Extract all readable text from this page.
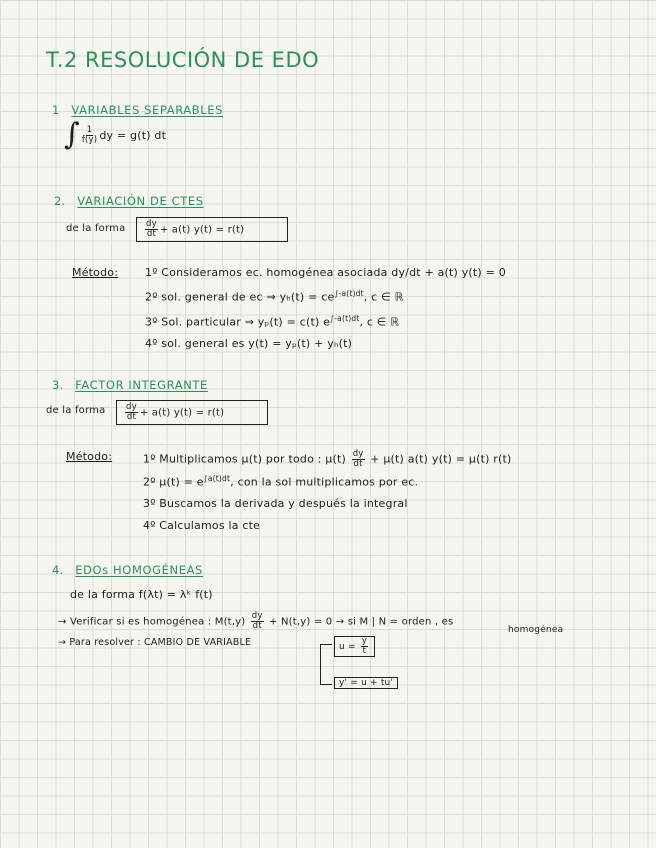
T.2 RESOLUCIÓN DE EDO
1 VARIABLES SEPARABLES
∫ $\frac{1}{f(y)}$ dy = g(t) dt
2. VARIACIÓN DE CTES
de la forma $\frac{dy}{dt} + a(t) y(t) = r(t)$
Método: 1º Consideramos ec. homogénea asociada dy/dt + a(t) y(t) = 0
2º sol. general de ec ⇒ $y_h(t) = ce^{\int-a(t)dt}$, c ∈ ℝ
3º Sol. particular ⇒ yₚ(t) = c(t) $e^{\int-a(t)dt}$, c ∈ ℝ
4º sol. general es y(t) = yₚ(t) + yₕ(t)
3. FACTOR INTEGRANTE
de la forma $\frac{dy}{dt} + a(t) y(t) = r(t)$
Método:	1º Multiplicamos μ(t) por todo : $\mu(t) \frac{dy}{dt} + \mu(t)$ a(t) y(t) = μ(t) r(t)
2º $\mu(t) = e^{\int a(t)dt}$, con la sol multiplicamos por ec.
3º Buscamos la derivada y después la integral
4º Calculamos la cte
4. EDOs HOMOGÉNEAS
de la forma f(λt) = λᵏ f(t)
→ Verificar si es homogénea : $M(t,y) \frac{dy}{dt} + N(t,y) = 0$ → si M | N = orden , es
homogénea
→ Para resolver : CAMBIO DE VARIABLE	$u = \frac{y}{t}$
y' = u + tu'
